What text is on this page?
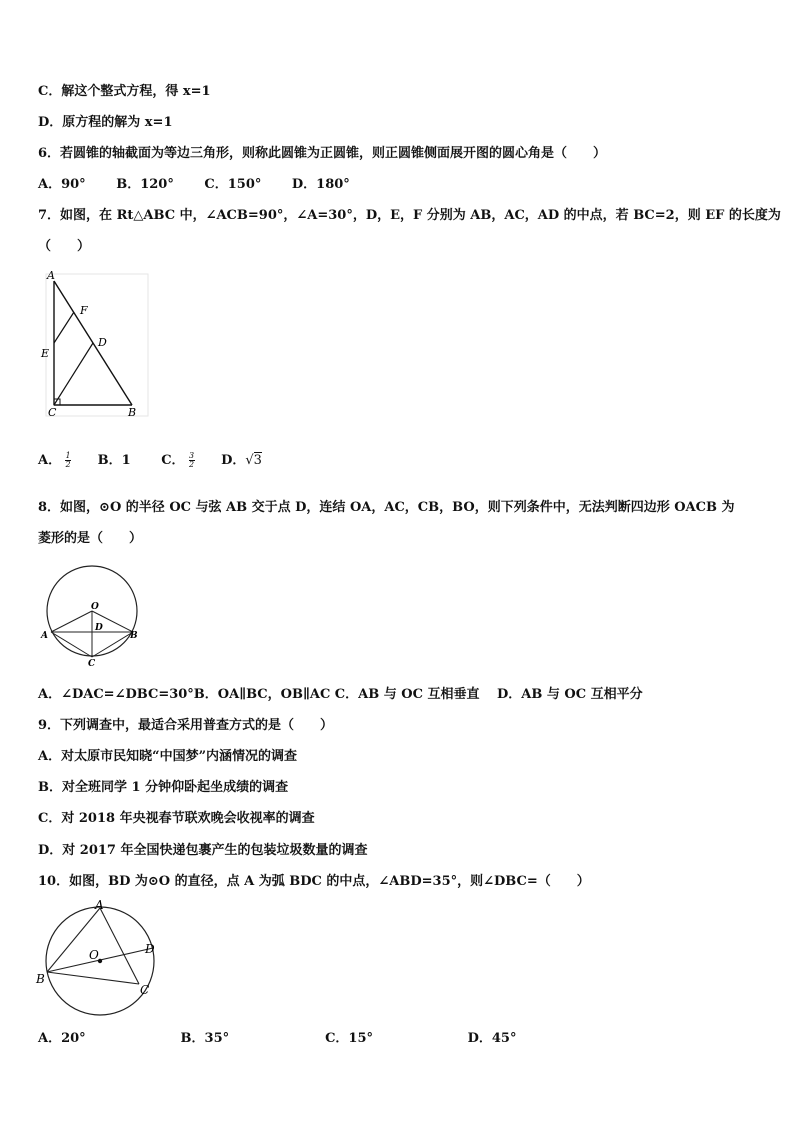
C．解这个整式方程，得 x=1
D．原方程的解为 x=1
6．若圆锥的轴截面为等边三角形，则称此圆锥为正圆锥，则正圆锥侧面展开图的圆心角是（　　）
A．90° B．120° C．150° D．180°
7．如图，在 Rt△ABC 中，∠ACB=90°，∠A=30°，D，E，F 分别为 AB，AC，AD 的中点，若 BC=2，则 EF 的长度为
（　　）
A
F
D
E
C	B
A． $\frac{1}{2}$ B．1 C． $\frac{3}{2}$ D．√3
8．如图，⊙O 的半径 OC 与弦 AB 交于点 D，连结 OA，AC，CB，BO，则下列条件中，无法判断四边形 OACB 为
菱形的是（　　）
O
D
A	B
C
A．∠DAC=∠DBC=30°B．OA∥BC，OB∥AC C．AB 与 OC 互相垂直　 D．AB 与 OC 互相平分
9．下列调查中，最适合采用普查方式的是（　　）
A．对太原市民知晓“中国梦”内涵情况的调查
B．对全班同学 1 分钟仰卧起坐成绩的调查
C．对 2018 年央视春节联欢晚会收视率的调查
D．对 2017 年全国快递包裹产生的包装垃圾数量的调查
10．如图，BD 为⊙O 的直径，点 A 为弧 BDC 的中点，∠ABD=35°，则∠DBC=（　　）
A
O	D
B
C
A．20°	B．35°	C．15°	D．45°
